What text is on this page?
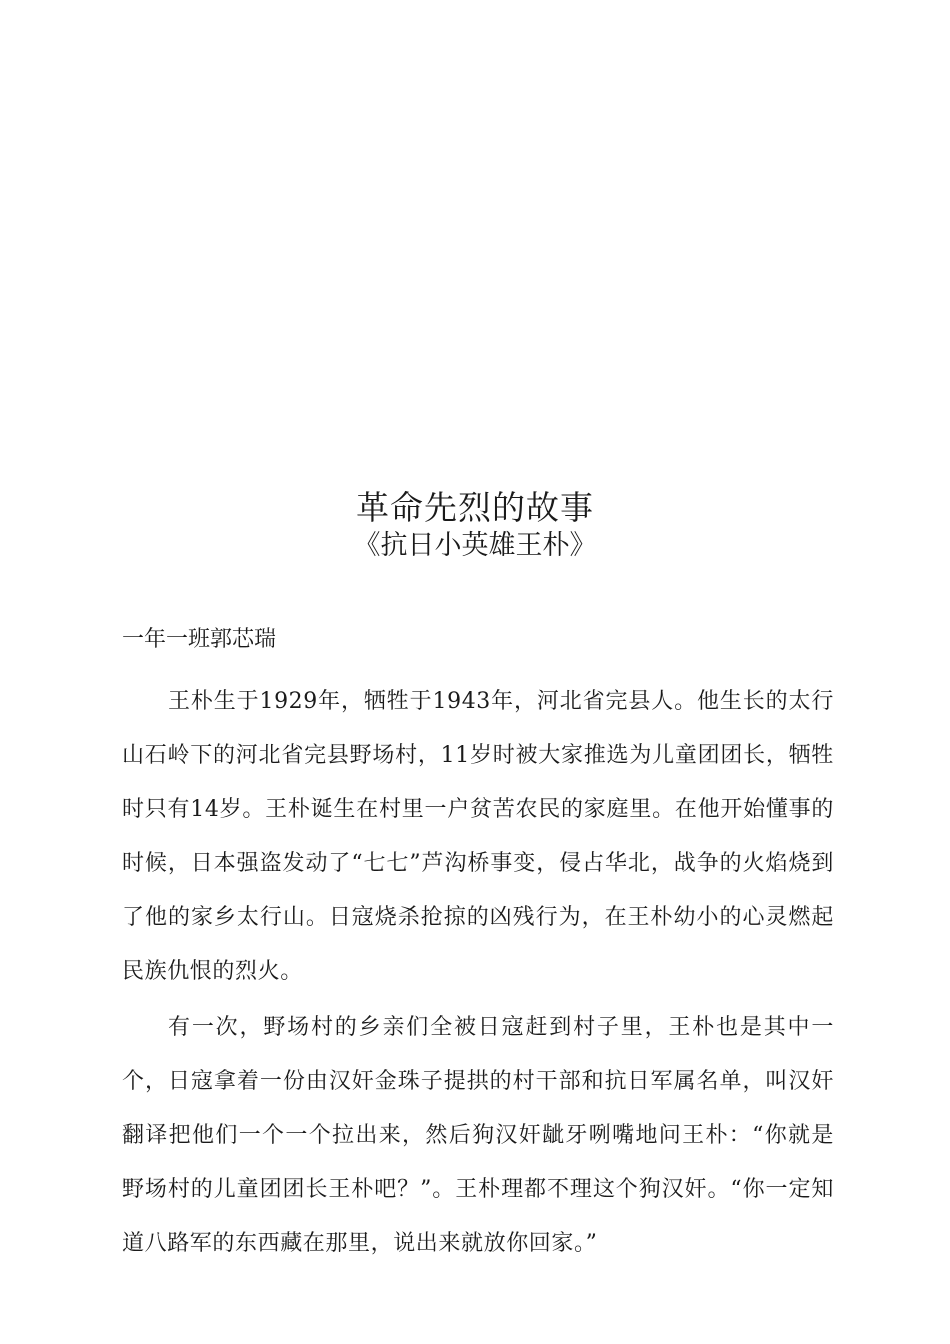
革命先烈的故事
《抗日小英雄王朴》
一年一班郭芯瑞

王朴生于1929年，牺牲于1943年，河北省完县人。他生长的太行山石岭下的河北省完县野场村，11岁时被大家推选为儿童团团长，牺牲时只有14岁。王朴诞生在村里一户贫苦农民的家庭里。在他开始懂事的时候，日本强盗发动了“七七”芦沟桥事变，侵占华北，战争的火焰烧到了他的家乡太行山。日寇烧杀抢掠的凶残行为，在王朴幼小的心灵燃起民族仇恨的烈火。

有一次，野场村的乡亲们全被日寇赶到村子里，王朴也是其中一个，日寇拿着一份由汉奸金珠子提拱的村干部和抗日军属名单，叫汉奸翻译把他们一个一个拉出来，然后狗汉奸龇牙咧嘴地问王朴：“你就是野场村的儿童团团长王朴吧？”。王朴理都不理这个狗汉奸。“你一定知道八路军的东西藏在那里，说出来就放你回家。”
